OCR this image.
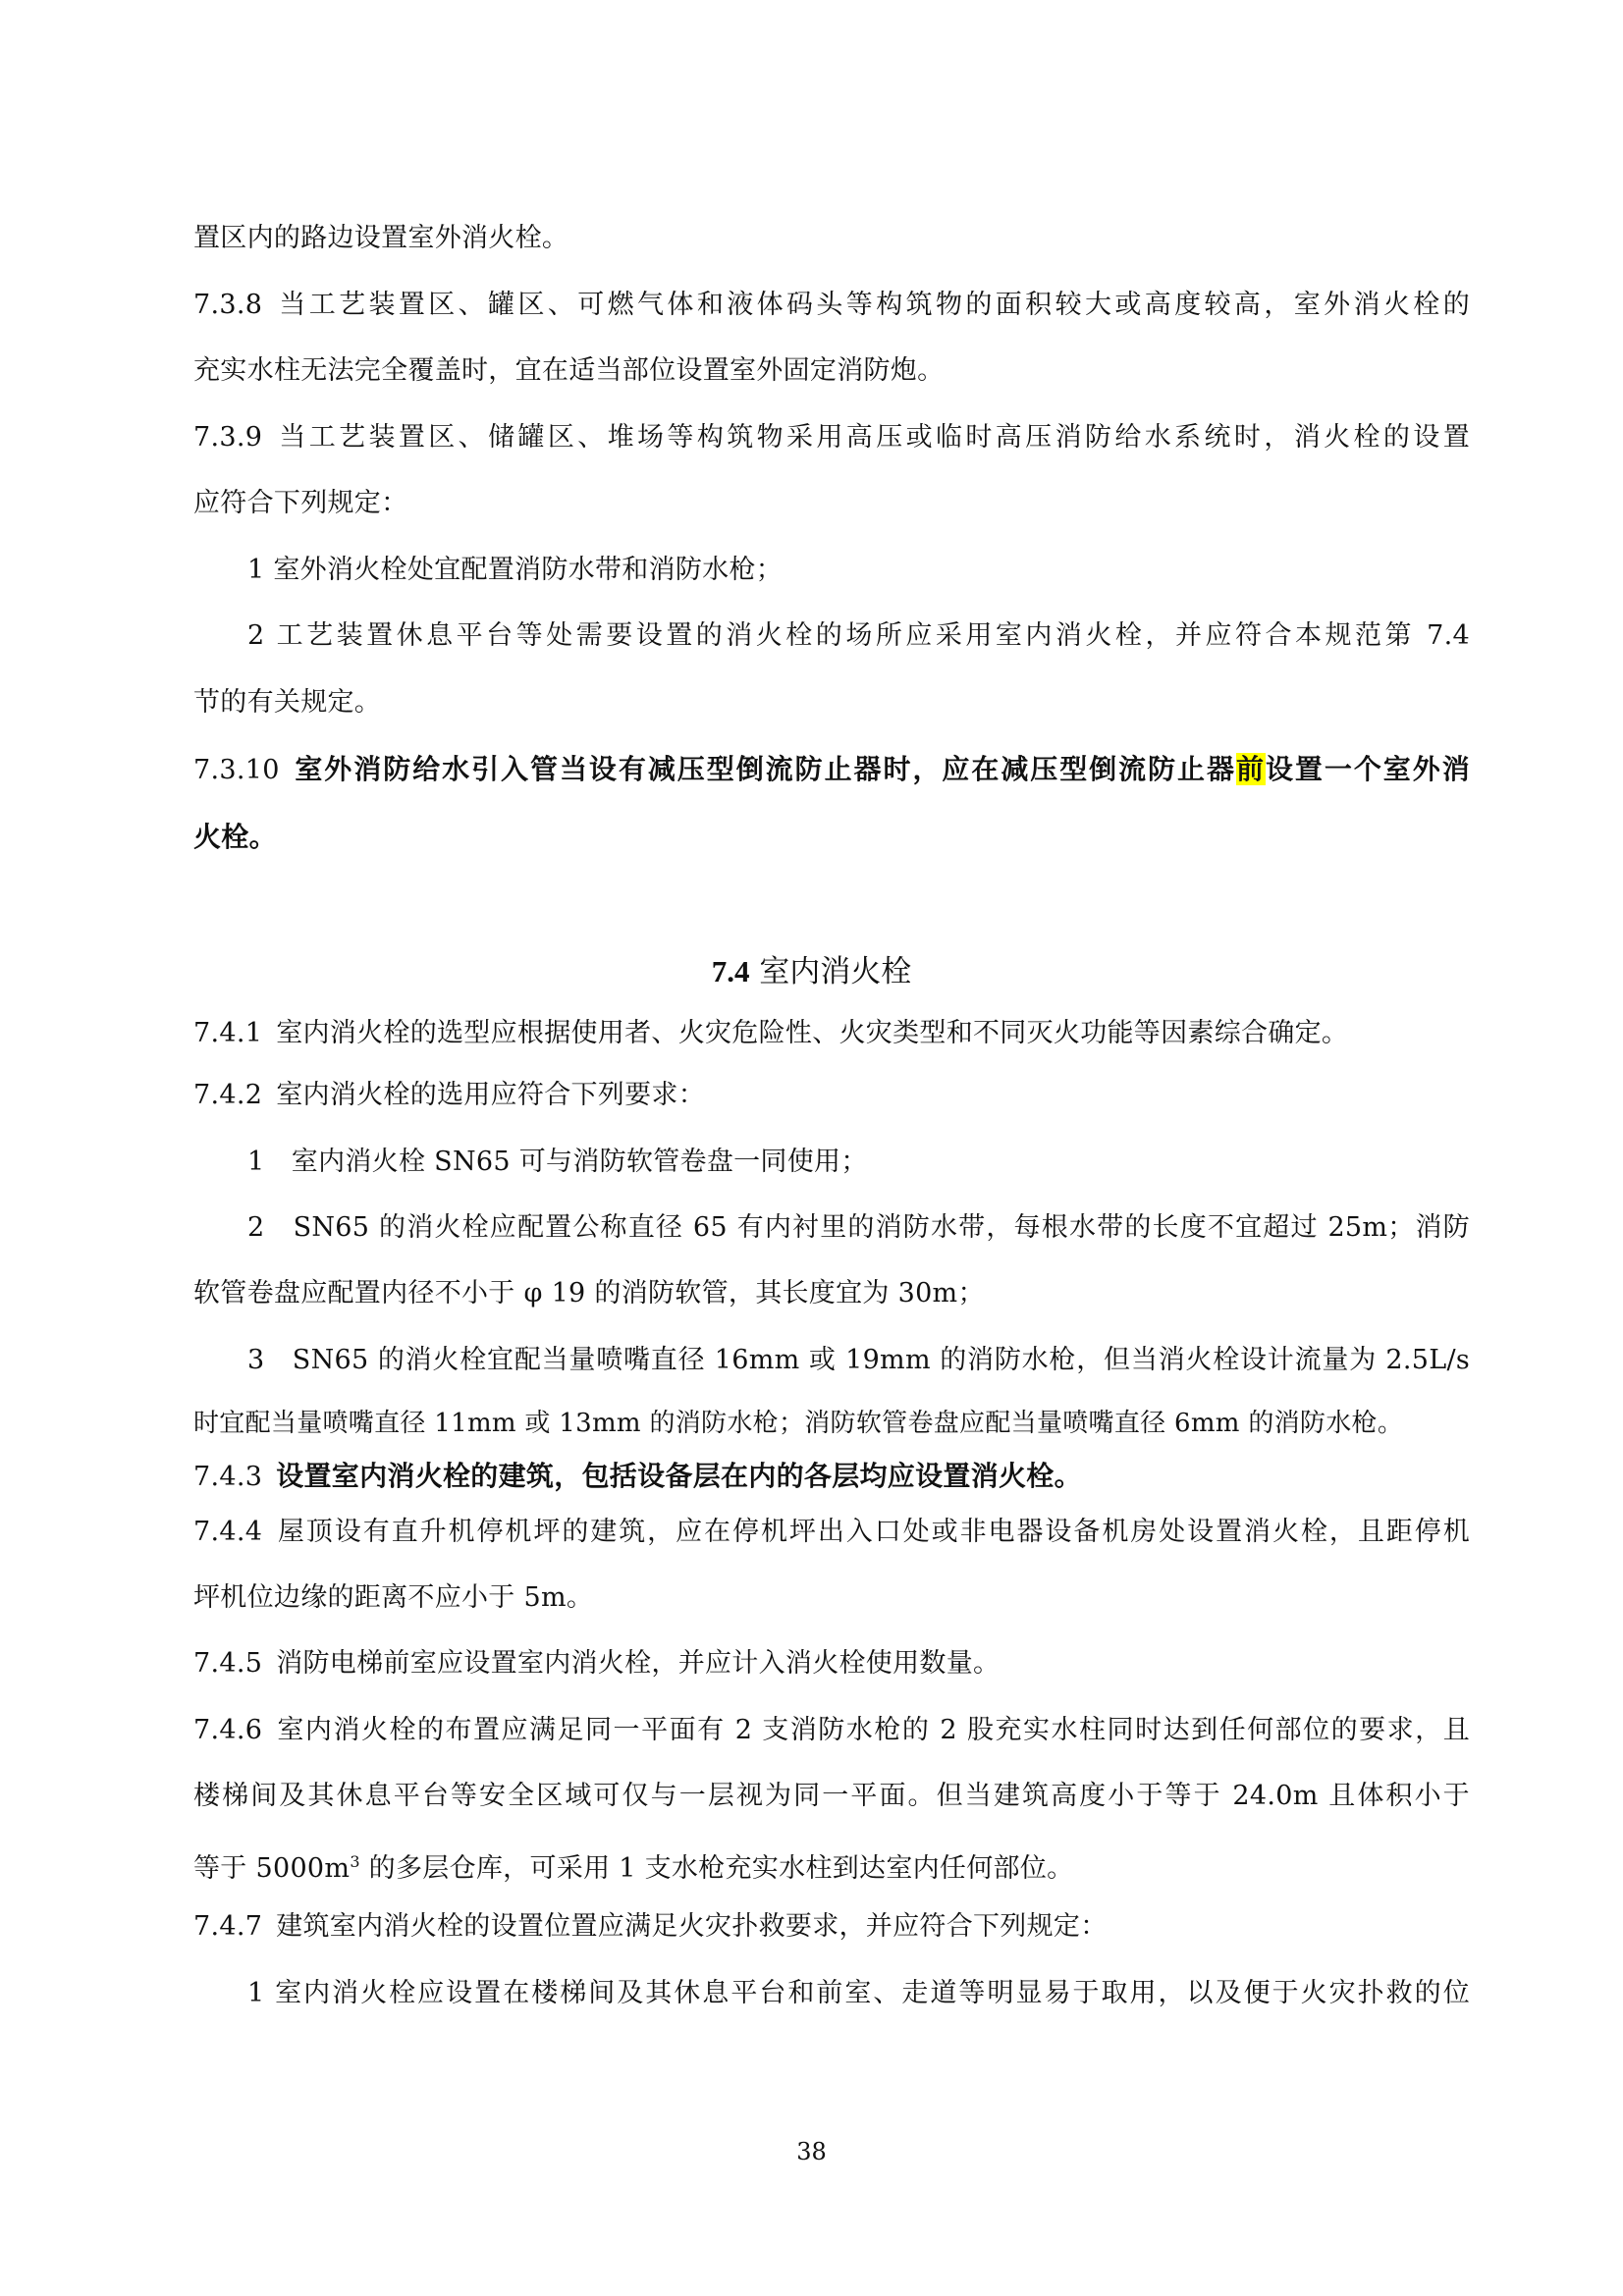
置区内的路边设置室外消火栓。
7.3.8 当工艺装置区、罐区、可燃气体和液体码头等构筑物的面积较大或高度较高，室外消火栓的
充实水柱无法完全覆盖时，宜在适当部位设置室外固定消防炮。
7.3.9 当工艺装置区、储罐区、堆场等构筑物采用高压或临时高压消防给水系统时，消火栓的设置
应符合下列规定：
1 室外消火栓处宜配置消防水带和消防水枪；
2 工艺装置休息平台等处需要设置的消火栓的场所应采用室内消火栓，并应符合本规范第 7.4
节的有关规定。
7.3.10 室外消防给水引入管当设有减压型倒流防止器时，应在减压型倒流防止器前设置一个室外消
火栓。
7.4 室内消火栓
7.4.1 室内消火栓的选型应根据使用者、火灾危险性、火灾类型和不同灭火功能等因素综合确定。
7.4.2 室内消火栓的选用应符合下列要求：
1　室内消火栓 SN65 可与消防软管卷盘一同使用；
2　SN65 的消火栓应配置公称直径 65 有内衬里的消防水带，每根水带的长度不宜超过 25m；消防
软管卷盘应配置内径不小于 φ 19 的消防软管，其长度宜为 30m；
3　SN65 的消火栓宜配当量喷嘴直径 16mm 或 19mm 的消防水枪，但当消火栓设计流量为 2.5L/s
时宜配当量喷嘴直径 11mm 或 13mm 的消防水枪；消防软管卷盘应配当量喷嘴直径 6mm 的消防水枪。
7.4.3 设置室内消火栓的建筑，包括设备层在内的各层均应设置消火栓。
7.4.4 屋顶设有直升机停机坪的建筑，应在停机坪出入口处或非电器设备机房处设置消火栓，且距停机
坪机位边缘的距离不应小于 5m。
7.4.5 消防电梯前室应设置室内消火栓，并应计入消火栓使用数量。
7.4.6 室内消火栓的布置应满足同一平面有 2 支消防水枪的 2 股充实水柱同时达到任何部位的要求，且
楼梯间及其休息平台等安全区域可仅与一层视为同一平面。但当建筑高度小于等于 24.0m 且体积小于
等于 $5000m^3$ 的多层仓库，可采用 1 支水枪充实水柱到达室内任何部位。
7.4.7 建筑室内消火栓的设置位置应满足火灾扑救要求，并应符合下列规定：
1 室内消火栓应设置在楼梯间及其休息平台和前室、走道等明显易于取用，以及便于火灾扑救的位
38
